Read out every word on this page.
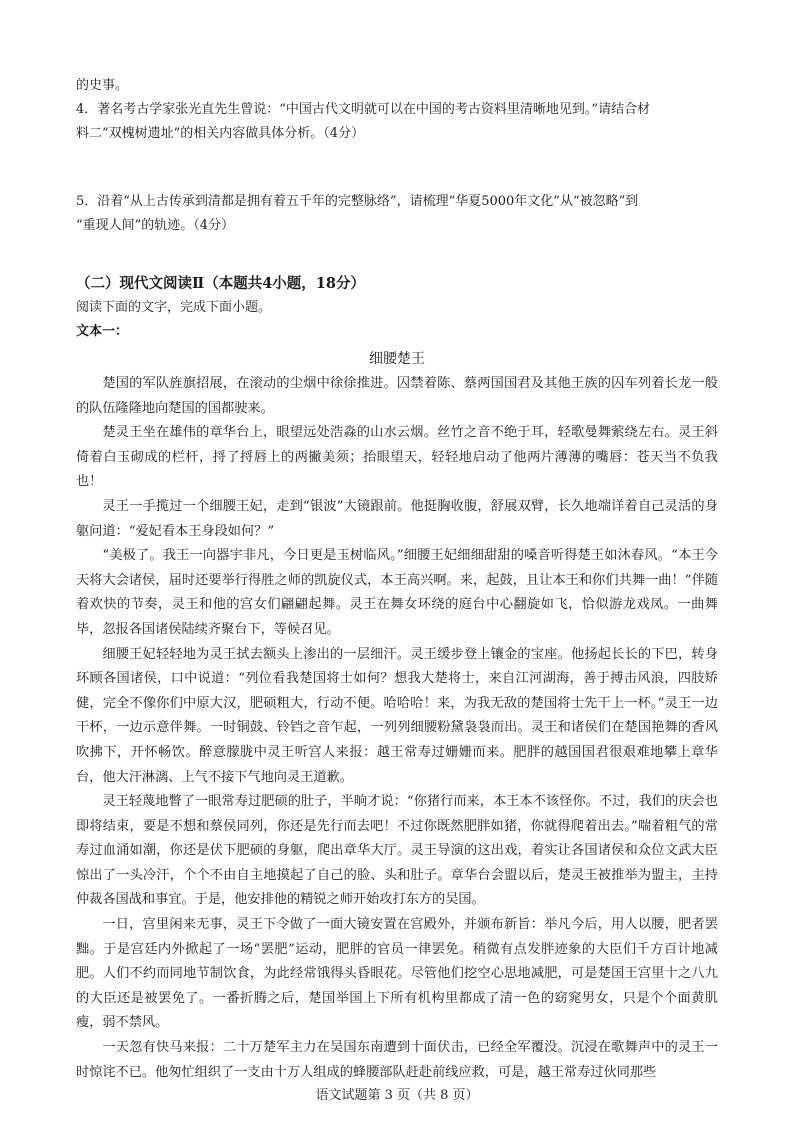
的史事。

4．著名考古学家张光直先生曾说：“中国古代文明就可以在中国的考古资料里清晰地见到。”请结合材

料二“双槐树遗址”的相关内容做具体分析。（4分）

5．沿着“从上古传承到清都是拥有着五千年的完整脉络”，请梳理“华夏5000年文化”从“被忽略”到

“重现人间”的轨迹。（4分）

（二）现代文阅读Ⅱ（本题共4小题，18分）

阅读下面的文字，完成下面小题。

文本一：

细腰楚王

楚国的军队旌旗招展，在滚动的尘烟中徐徐推进。囚禁着陈、蔡两国国君及其他王族的囚车列着长龙一般的队伍隆隆地向楚国的国都驶来。

楚灵王坐在雄伟的章华台上，眼望远处浩淼的山水云烟。丝竹之音不绝于耳，轻歌曼舞萦绕左右。灵王斜倚着白玉砌成的栏杆，捋了捋唇上的两撇美须；抬眼望天，轻轻地启动了他两片薄薄的嘴唇：苍天当不负我也！

灵王一手揽过一个细腰王妃，走到“银波”大镜跟前。他挺胸收腹，舒展双臂，长久地端详着自己灵活的身躯问道：“爱妃看本王身段如何？”

“美极了。我王一向器宇非凡，今日更是玉树临风。”细腰王妃细细甜甜的嗓音听得楚王如沐春风。“本王今天将大会诸侯，届时还要举行得胜之师的凯旋仪式，本王高兴啊。来，起鼓，且让本王和你们共舞一曲！”伴随着欢快的节奏，灵王和他的宫女们翩翩起舞。灵王在舞女环绕的庭台中心翻旋如飞，恰似游龙戏凤。一曲舞毕，忽报各国诸侯陆续齐聚台下，等候召见。

细腰王妃轻轻地为灵王拭去额头上渗出的一层细汗。灵王缓步登上镶金的宝座。他扬起长长的下巴，转身环顾各国诸侯，口中说道：“列位看我楚国将士如何？想我大楚将士，来自江河湖海，善于搏击风浪，四肢矫健，完全不像你们中原大汉，肥硕粗大，行动不便。哈哈哈！来，为我无敌的楚国将士先干上一杯。”灵王一边干杯，一边示意伴舞。一时铜鼓、铃铛之音乍起，一列列细腰粉黛袅袅而出。灵王和诸侯们在楚国艳舞的香风吹拂下，开怀畅饮。醉意朦胧中灵王听宫人来报：越王常寿过姗姗而来。肥胖的越国国君很艰难地攀上章华台，他大汗淋漓、上气不接下气地向灵王道歉。

灵王轻蔑地瞥了一眼常寿过肥硕的肚子，半晌才说：“你猪行而来，本王本不该怪你。不过，我们的庆会也即将结束，要是不想和蔡侯同列，你还是先行而去吧！不过你既然肥胖如猪，你就得爬着出去。”喘着粗气的常寿过血涌如潮，你还是伏下肥硕的身躯，爬出章华大厅。灵王导演的这出戏，着实让各国诸侯和众位文武大臣惊出了一头冷汗，个个不由自主地摸起了自己的脸、头和肚子。章华台会盟以后，楚灵王被推举为盟主，主持仲裁各国战和事宜。于是，他安排他的精锐之师开始攻打东方的吴国。

一日，宫里闲来无事，灵王下令做了一面大镜安置在宫殿外，并颁布新旨：举凡今后，用人以腰，肥者罢黜。于是宫廷内外掀起了一场“罢肥”运动，肥胖的官员一律罢免。稍微有点发胖迹象的大臣们千方百计地减肥。人们不约而同地节制饮食，为此经常饿得头昏眼花。尽管他们挖空心思地减肥，可是楚国王宫里十之八九的大臣还是被罢免了。一番折腾之后，楚国举国上下所有机构里都成了清一色的窈窕男女，只是个个面黄肌瘦，弱不禁风。

一天忽有快马来报：二十万楚军主力在吴国东南遭到十面伏击，已经全军覆没。沉浸在歌舞声中的灵王一时惊诧不已。他匆忙组织了一支由十万人组成的蜂腰部队赶赴前线应救，可是，越王常寿过伙同那些

语文试题第 3 页（共 8 页）
